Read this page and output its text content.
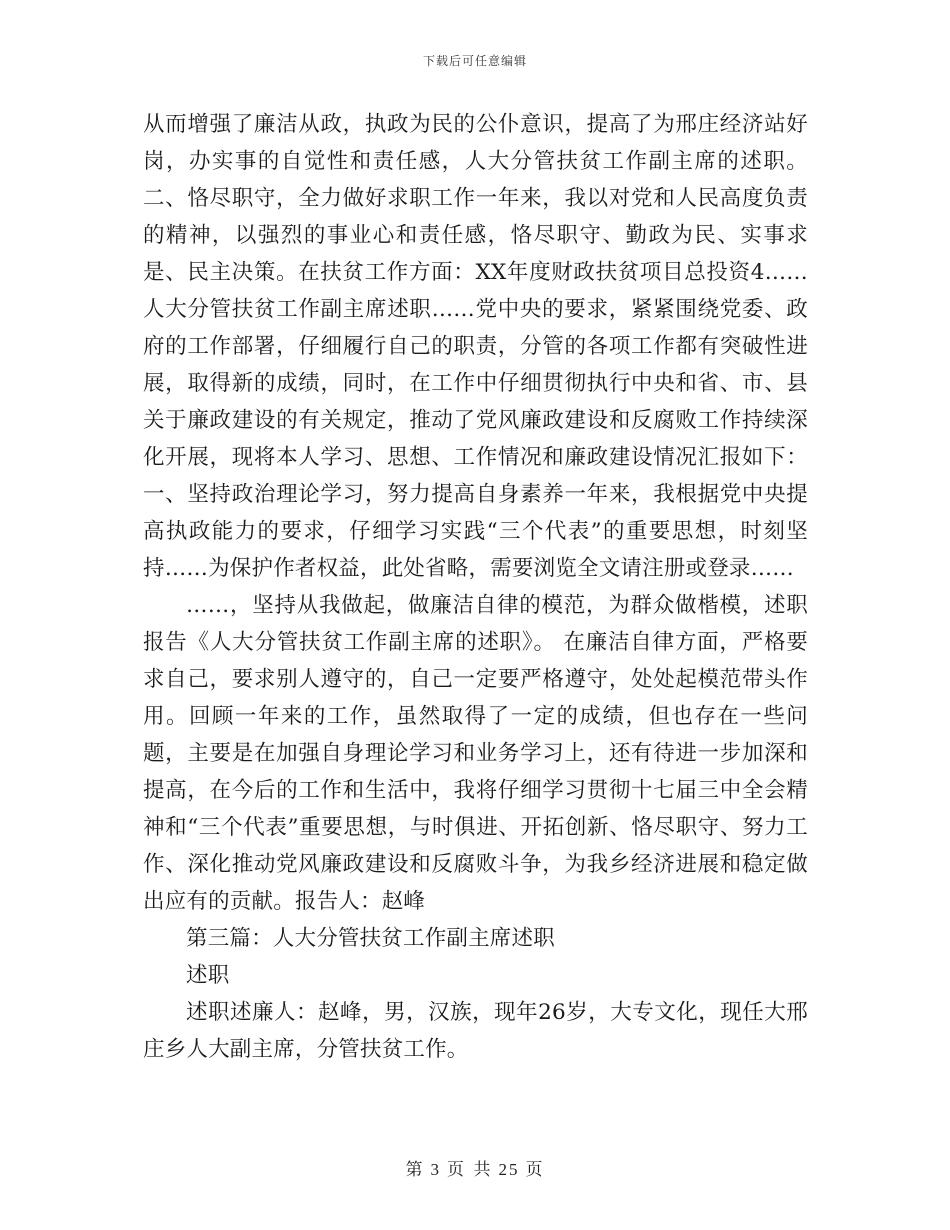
下载后可任意编辑

从而增强了廉洁从政，执政为民的公仆意识，提高了为邢庄经济站好岗，办实事的自觉性和责任感，人大分管扶贫工作副主席的述职。二、恪尽职守，全力做好求职工作一年来，我以对党和人民高度负责的精神，以强烈的事业心和责任感，恪尽职守、勤政为民、实事求是、民主决策。在扶贫工作方面：XX年度财政扶贫项目总投资4……人大分管扶贫工作副主席述职……党中央的要求，紧紧围绕党委、政府的工作部署，仔细履行自己的职责，分管的各项工作都有突破性进展，取得新的成绩，同时，在工作中仔细贯彻执行中央和省、市、县关于廉政建设的有关规定，推动了党风廉政建设和反腐败工作持续深化开展，现将本人学习、思想、工作情况和廉政建设情况汇报如下：一、坚持政治理论学习，努力提高自身素养一年来，我根据党中央提高执政能力的要求，仔细学习实践“三个代表”的重要思想，时刻坚持……为保护作者权益，此处省略，需要浏览全文请注册或登录……

……，坚持从我做起，做廉洁自律的模范，为群众做楷模，述职报告《人大分管扶贫工作副主席的述职》。 在廉洁自律方面，严格要求自己，要求别人遵守的，自己一定要严格遵守，处处起模范带头作用。回顾一年来的工作，虽然取得了一定的成绩，但也存在一些问题，主要是在加强自身理论学习和业务学习上，还有待进一步加深和提高，在今后的工作和生活中，我将仔细学习贯彻十七届三中全会精神和“三个代表”重要思想，与时俱进、开拓创新、恪尽职守、努力工作、深化推动党风廉政建设和反腐败斗争，为我乡经济进展和稳定做出应有的贡献。报告人：赵峰

第三篇：人大分管扶贫工作副主席述职

述职

述职述廉人：赵峰，男，汉族，现年26岁，大专文化，现任大邢庄乡人大副主席，分管扶贫工作。

第 3 页 共 25 页
